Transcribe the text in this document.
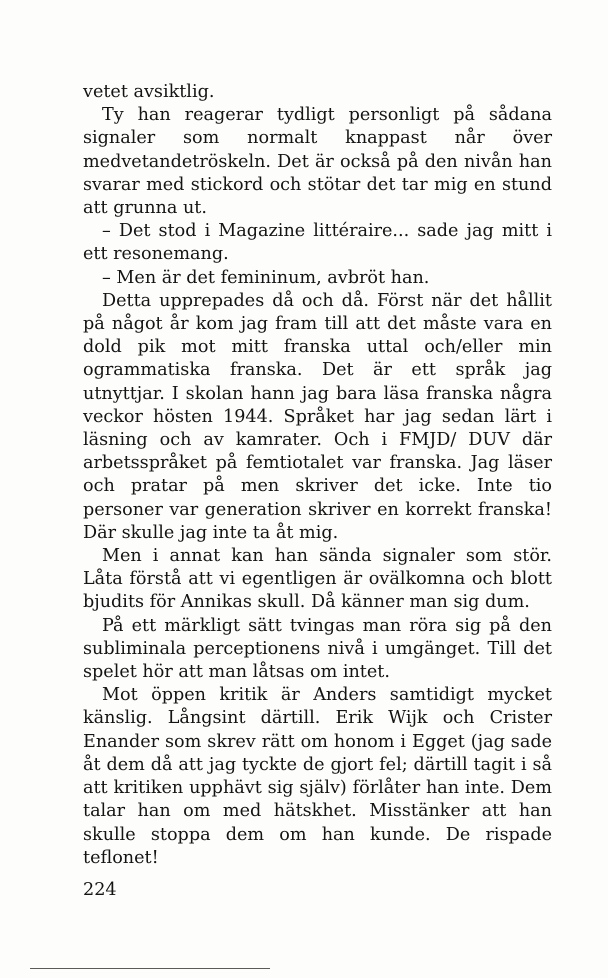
vetet avsiktlig.

Ty han reagerar tydligt personligt på sådana signaler som normalt knappast når över medvetandetröskeln. Det är också på den nivån han svarar med stickord och stötar det tar mig en stund att grunna ut.

– Det stod i Magazine littéraire... sade jag mitt i ett resonemang.

– Men är det femininum, avbröt han.

Detta upprepades då och då. Först när det hållit på något år kom jag fram till att det måste vara en dold pik mot mitt franska uttal och/eller min ogrammatiska franska. Det är ett språk jag utnyttjar. I skolan hann jag bara läsa franska några veckor hösten 1944. Språket har jag sedan lärt i läsning och av kamrater. Och i FMJD/ DUV där arbetsspråket på femtiotalet var franska. Jag läser och pratar på men skriver det icke. Inte tio personer var generation skriver en korrekt franska! Där skulle jag inte ta åt mig.

Men i annat kan han sända signaler som stör. Låta förstå att vi egentligen är ovälkomna och blott bjudits för Annikas skull. Då känner man sig dum.

På ett märkligt sätt tvingas man röra sig på den subliminala perceptionens nivå i umgänget. Till det spelet hör att man låtsas om intet.

Mot öppen kritik är Anders samtidigt mycket känslig. Långsint därtill. Erik Wijk och Crister Enander som skrev rätt om honom i Egget (jag sade åt dem då att jag tyckte de gjort fel; därtill tagit i så att kritiken upphävt sig själv) förlåter han inte. Dem talar han om med hätskhet. Misstänker att han skulle stoppa dem om han kunde. De rispade teflonet!

224
